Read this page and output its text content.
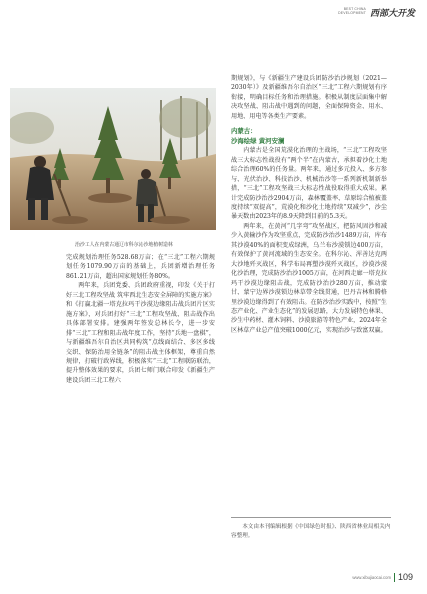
BEST CHINA
DEVELOPMENT 西部大开发
治沙工人在内蒙古通辽市科尔沁沙地植树造林

完成规划治理任务528.68万亩；在“三北”工程六期规划任务1079.90万亩的基础上，兵团新增治理任务861.21万亩，超出国家规划任务80%。

两年来，兵团党委、兵团政府重视，印发《关于打好三北工程攻坚战 筑牢西北生态安全屏障的实施方案》和《打赢北疆一塔克拉玛干沙漠边缘阻击战兵团片区实施方案》，对兵团打好“三北”工程攻坚战、阻击战作出具体部署安排。建强两年签发总林长令，进一步安排“三北”工程和阻击战年度工作，坚持“兵地一盘棋”，与新疆维吾尔自治区共同构筑“点线面结合、多区多线交织、保防治用全链条”的阻击战主体框架，尊重自然规律，打破行政界线，积极落实“三北”工程联防联治，提升整体效果的要求，兵团七师门联合印发《新疆生产建设兵团三北工程六

期规划》，与《新疆生产建设兵团防沙治沙规划（2021—2030年）》及新疆维吾尔自治区“三北”工程六期规划有序衔接，明确目标任务和治理措施。积极从制度层面集中解决攻坚战、阻击战中遇到的问题，全面保障资金、用水、用地、用电等各类生产要素。

内蒙古：

沙海绘绿 黄河安澜

内蒙古是全国荒漠化治理的主战场，“三北”工程攻坚战三大标志性战役有“两个半”在内蒙古，承担着沙化土地综合治理60%的任务量。两年来，通过多元投入、多方参与、光伏治沙、科技治沙、机械治沙等一系列新机制新举措，“三北”工程攻坚战三大标志性战役取得重大成果。累计完成防沙治沙2904万亩，森林覆盖率、草原综合植被盖度持续“双提高”，荒漠化和沙化土地持续“双减少”，沙尘暴天数由2023年的8.9天降到目前的5.3天。

两年来，在黄河“几字弯”攻坚战区，把防风固沙和减少入黄输沙作为攻坚重点，完成防沙治沙1489万亩，库布其沙漠40%的面积变成绿洲，乌兰布沙漠锁边400万亩，有效保护了黄河流域的生态安全。在科尔沁、浑善达克两大沙地歼灭战区，科学布局再塑沙漠歼灭战区，沙漠沙漠化沙治理，完成防沙治沙1005万亩，在河西走廊一塔克拉玛干沙漠边缘阻击战，完成防沙治沙280万亩，推动蒙甘、蒙宁边界沙漠锁边林草带全线贯通，巴丹吉林和腾格里沙漠边缘得到了有效阻击。在防沙治沙实践中，按照“生态产业化、产业生态化”的发展思路，大力发展特色林果、沙生中药材、灌木饲料、沙漠旅游等特色产业，2024年全区林草产业总产值突破1000亿元，实现治沙与致富双赢。

本文由本刊编辑根据《中国绿色时报》、陕西省林业局相关内容整理。
www.xibujiaocai.com 109
